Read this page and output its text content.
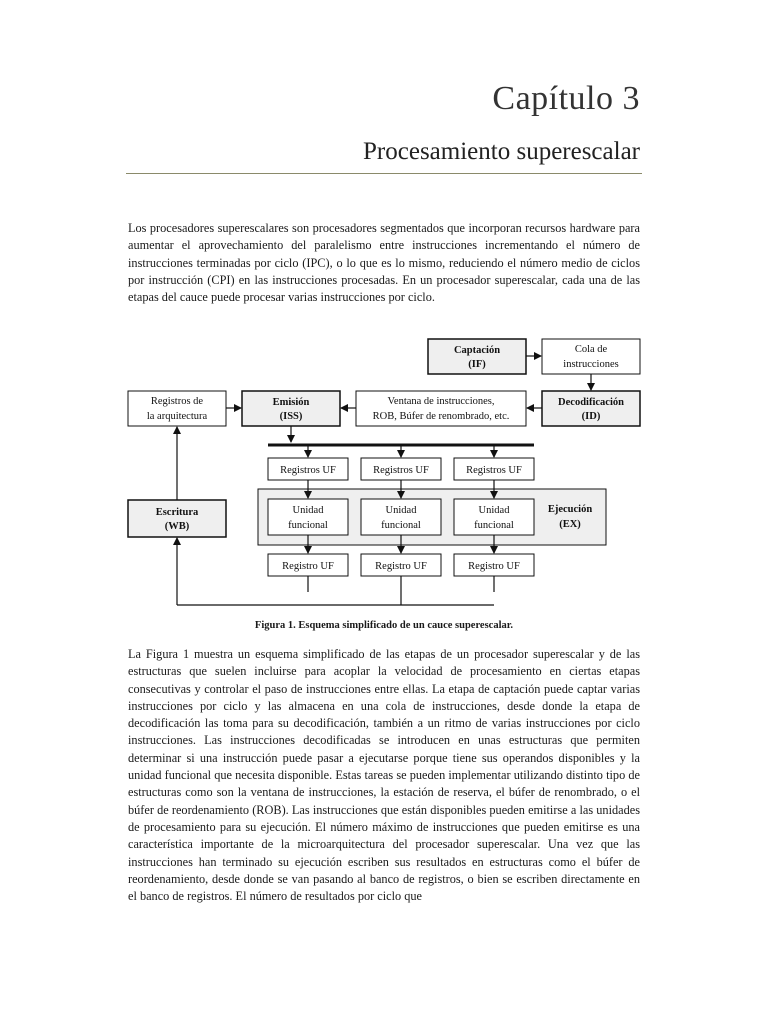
Capítulo 3
Procesamiento superescalar

Los procesadores superescalares son procesadores segmentados que incorporan recursos hardware para aumentar el aprovechamiento del paralelismo entre instrucciones incrementando el número de instrucciones terminadas por ciclo (IPC), o lo que es lo mismo, reduciendo el número medio de ciclos por instrucción (CPI) en las instrucciones procesadas. En un procesador superescalar, cada una de las etapas del cauce puede procesar varias instrucciones por ciclo.

Captación
(IF)
Cola de
instrucciones
Decodificación
(ID)
Ventana de instrucciones,
ROB, Búfer de renombrado, etc.
Emisión
(ISS)
Registros de
la arquitectura
Escritura
(WB)
Registros UF	Registros UF	Registros UF
Unidad
funcional
Unidad
funcional
Unidad
funcional
Ejecución
(EX)
Registro UF	Registro UF	Registro UF

Figura 1. Esquema simplificado de un cauce superescalar.

La Figura 1 muestra un esquema simplificado de las etapas de un procesador superescalar y de las estructuras que suelen incluirse para acoplar la velocidad de procesamiento en ciertas etapas consecutivas y controlar el paso de instrucciones entre ellas. La etapa de captación puede captar varias instrucciones por ciclo y las almacena en una cola de instrucciones, desde donde la etapa de decodificación las toma para su decodificación, también a un ritmo de varias instrucciones por ciclo instrucciones. Las instrucciones decodificadas se introducen en unas estructuras que permiten determinar si una instrucción puede pasar a ejecutarse porque tiene sus operandos disponibles y la unidad funcional que necesita disponible. Estas tareas se pueden implementar utilizando distinto tipo de estructuras como son la ventana de instrucciones, la estación de reserva, el búfer de renombrado, o el búfer de reordenamiento (ROB). Las instrucciones que están disponibles pueden emitirse a las unidades de procesamiento para su ejecución. El número máximo de instrucciones que pueden emitirse es una característica importante de la microarquitectura del procesador superescalar. Una vez que las instrucciones han terminado su ejecución escriben sus resultados en estructuras como el búfer de reordenamiento, desde donde se van pasando al banco de registros, o bien se escriben directamente en el banco de registros. El número de resultados por ciclo que
